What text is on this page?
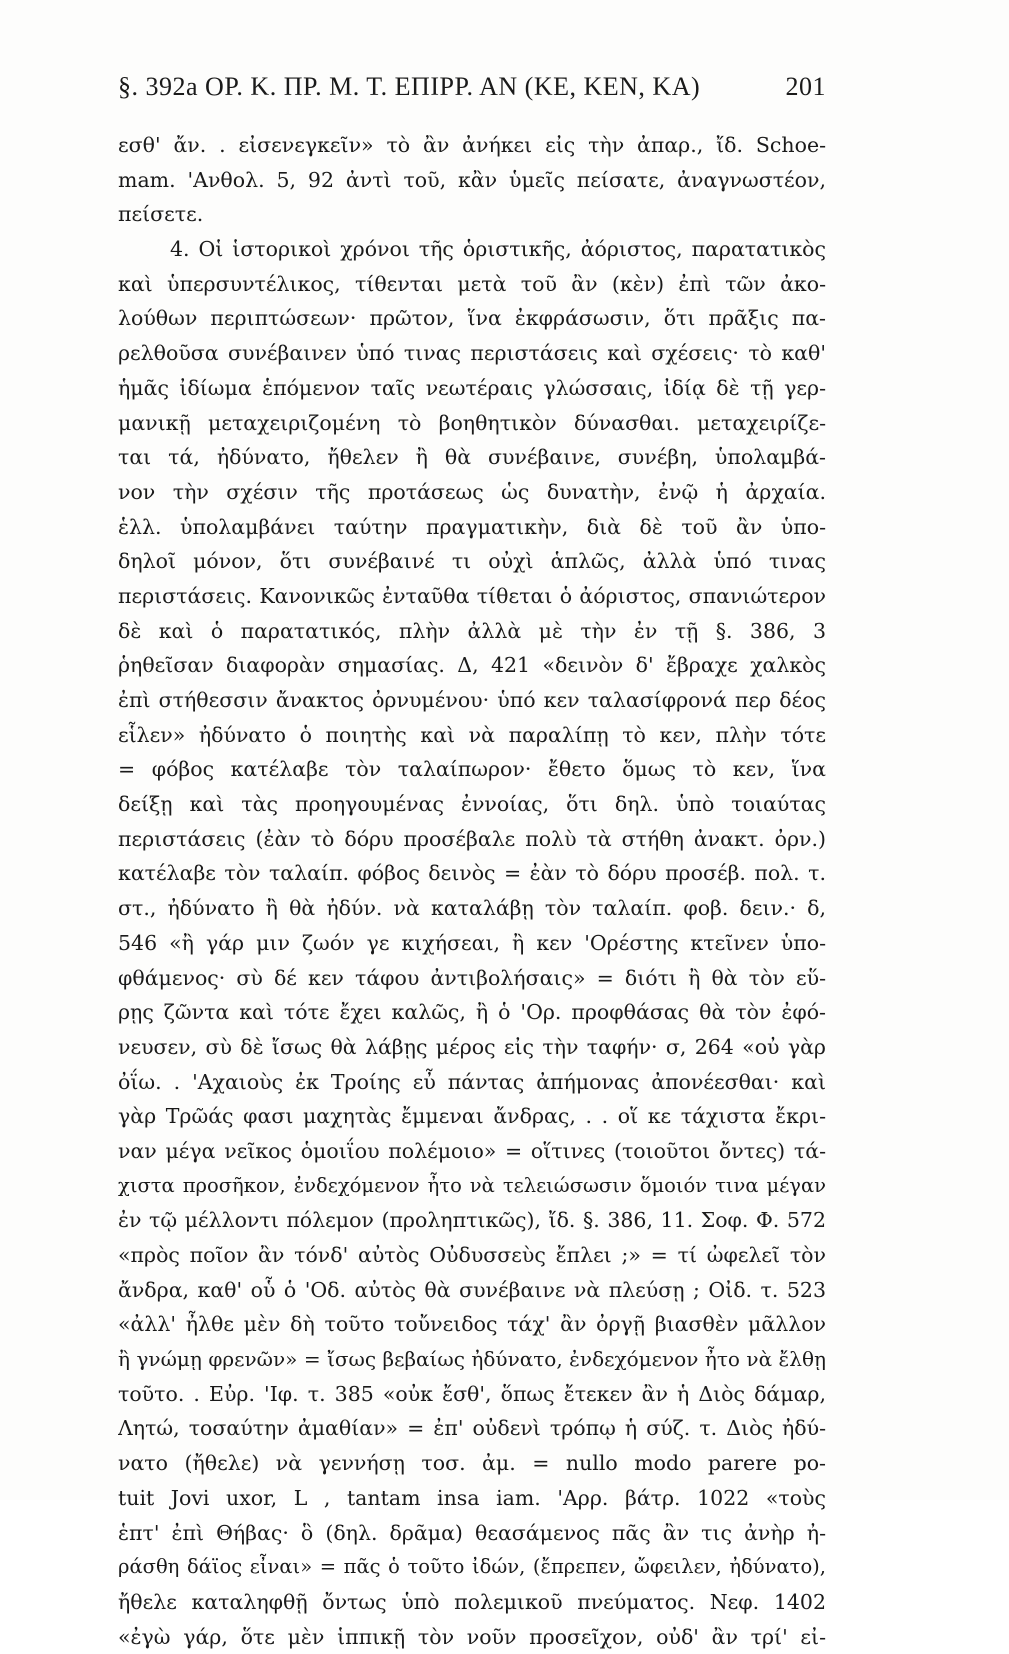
§. 392a ΟΡ. Κ. ΠΡ. Μ. Τ. ΕΠΙΡΡ. ΑΝ (ΚΕ, ΚΕΝ, ΚΑ)	201
εσθ' ἄν. . εἰσενεγκεῖν» τὸ ἂν ἀνήκει εἰς τὴν ἀπαρ., ἴδ. Schoe-
mam. 'Ανθολ. 5, 92 ἀντὶ τοῦ, κἂν ὑμεῖς πείσατε, ἀναγνωστέον,
πείσετε.
4. Οἱ ἱστορικοὶ χρόνοι τῆς ὁριστικῆς, ἀόριστος, παρατατικὸς
καὶ ὑπερσυντέλικος, τίθενται μετὰ τοῦ ἂν (κὲν) ἐπὶ τῶν ἀκο-
λούθων περιπτώσεων· πρῶτον, ἵνα ἐκφράσωσιν, ὅτι πρᾶξις πα-
ρελθοῦσα συνέβαινεν ὑπό τινας περιστάσεις καὶ σχέσεις· τὸ καθ'
ἡμᾶς ἰδίωμα ἑπόμενον ταῖς νεωτέραις γλώσσαις, ἰδίᾳ δὲ τῇ γερ-
μανικῇ μεταχειριζομένη τὸ βοηθητικὸν δύνασθαι. μεταχειρίζε-
ται τά, ἠδύνατο, ἤθελεν ἢ θὰ συνέβαινε, συνέβη, ὑπολαμβά-
νον τὴν σχέσιν τῆς προτάσεως ὡς δυνατὴν, ἐνῷ ἡ ἀρχαία.
ἑλλ. ὑπολαμβάνει ταύτην πραγματικὴν, διὰ δὲ τοῦ ἂν ὑπο-
δηλοῖ μόνον, ὅτι συνέβαινέ τι οὐχὶ ἁπλῶς, ἀλλὰ ὑπό τινας
περιστάσεις. Κανονικῶς ἐνταῦθα τίθεται ὁ ἀόριστος, σπανιώτερον
δὲ καὶ ὁ παρατατικός, πλὴν ἀλλὰ μὲ τὴν ἐν τῇ §. 386, 3
ῥηθεῖσαν διαφορὰν σημασίας. Δ, 421 «δεινὸν δ' ἔβραχε χαλκὸς
ἐπὶ στήθεσσιν ἄνακτος ὀρνυμένου· ὑπό κεν ταλασίφρονά περ δέος
εἷλεν» ἠδύνατο ὁ ποιητὴς καὶ νὰ παραλίπῃ τὸ κεν, πλὴν τότε
= φόβος κατέλαβε τὸν ταλαίπωρον· ἔθετο ὅμως τὸ κεν, ἵνα
δείξῃ καὶ τὰς προηγουμένας ἐννοίας, ὅτι δηλ. ὑπὸ τοιαύτας
περιστάσεις (ἐὰν τὸ δόρυ προσέβαλε πολὺ τὰ στήθη ἀνακτ. ὀρν.)
κατέλαβε τὸν ταλαίπ. φόβος δεινὸς = ἐὰν τὸ δόρυ προσέβ. πολ. τ.
στ., ἠδύνατο ἢ θὰ ἠδύν. νὰ καταλάβῃ τὸν ταλαίπ. φοβ. δειν.· δ,
546 «ἢ γάρ μιν ζωόν γε κιχήσεαι, ἢ κεν 'Ορέστης κτεῖνεν ὑπο-
φθάμενος· σὺ δέ κεν τάφου ἀντιβολήσαις» = διότι ἢ θὰ τὸν εὕ-
ρῃς ζῶντα καὶ τότε ἔχει καλῶς, ἢ ὁ 'Ορ. προφθάσας θὰ τὸν ἐφό-
νευσεν, σὺ δὲ ἴσως θὰ λάβῃς μέρος εἰς τὴν ταφήν· σ, 264 «οὐ γὰρ
ὀΐω. . 'Αχαιοὺς ἐκ Τροίης εὖ πάντας ἀπήμονας ἀπονέεσθαι· καὶ
γὰρ Τρῶάς φασι μαχητὰς ἔμμεναι ἄνδρας, . . οἵ κε τάχιστα ἔκρι-
ναν μέγα νεῖκος ὁμοιΐου πολέμοιο» = οἵτινες (τοιοῦτοι ὄντες) τά-
χιστα προσῆκον, ἐνδεχόμενον ἦτο νὰ τελειώσωσιν ὅμοιόν τινα μέγαν
ἐν τῷ μέλλοντι πόλεμον (προληπτικῶς), ἴδ. §. 386, 11. Σοφ. Φ. 572
«πρὸς ποῖον ἂν τόνδ' αὐτὸς Οὐδυσσεὺς ἔπλει ;» = τί ὠφελεῖ τὸν
ἄνδρα, καθ' οὗ ὁ 'Οδ. αὐτὸς θὰ συνέβαινε νὰ πλεύσῃ ; Οἰδ. τ. 523
«ἀλλ' ἦλθε μὲν δὴ τοῦτο τοὔνειδος τάχ' ἂν ὀργῇ βιασθὲν μᾶλλον
ἢ γνώμῃ φρενῶν» = ἴσως βεβαίως ἠδύνατο, ἐνδεχόμενον ἦτο νὰ ἔλθῃ
τοῦτο. . Εὐρ. 'Ιφ. τ. 385 «οὐκ ἔσθ', ὅπως ἔτεκεν ἂν ἡ Διὸς δάμαρ,
Λητώ, τοσαύτην ἀμαθίαν» = ἐπ' οὐδενὶ τρόπῳ ἡ σύζ. τ. Διὸς ἠδύ-
νατο (ἤθελε) νὰ γεννήσῃ τοσ. ἀμ. = nullo modo parere po-
tuit Jovi uxor, L , tantam insa iam. 'Αρρ. βάτρ. 1022 «τοὺς
ἑπτ' ἐπὶ Θήβας· ὃ (δηλ. δρᾶμα) θεασάμενος πᾶς ἂν τις ἀνὴρ ἠ-
ράσθη δάϊος εἶναι» = πᾶς ὁ τοῦτο ἰδών, (ἔπρεπεν, ὤφειλεν, ἠδύνατο),
ἤθελε καταληφθῇ ὄντως ὑπὸ πολεμικοῦ πνεύματος. Νεφ. 1402
«ἐγὼ γάρ, ὅτε μὲν ἱππικῇ τὸν νοῦν προσεῖχον, οὐδ' ἂν τρί' εἰ-
